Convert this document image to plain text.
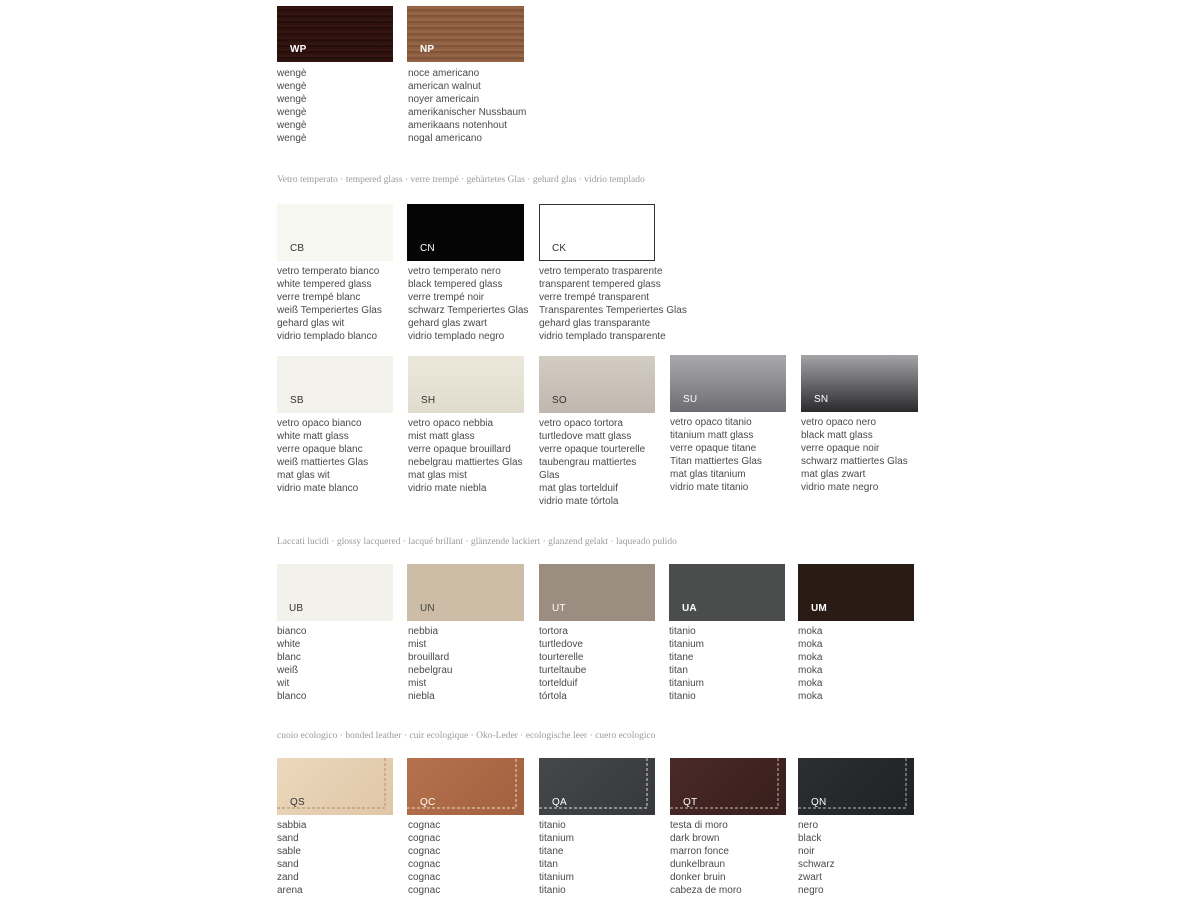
WP
wengè
wengè
wengè
wengè
wengè
wengè
NP
noce americano
american walnut
noyer americain
amerikanischer Nussbaum
amerikaans notenhout
nogal americano
Vetro temperato · tempered glass · verre trempé · gehärtetes Glas · gehard glas · vidrio templado
CB
vetro temperato bianco
white tempered glass
verre trempé blanc
weiß Temperiertes Glas
gehard glas wit
vidrio templado blanco
CN
vetro temperato nero
black tempered glass
verre trempé noir
schwarz Temperiertes Glas
gehard glas zwart
vidrio templado negro
CK
vetro temperato trasparente
transparent tempered glass
verre trempé transparent
Transparentes Temperiertes Glas
gehard glas transparante
vidrio templado transparente
SB
vetro opaco bianco
white matt glass
verre opaque blanc
weiß mattiertes Glas
mat glas wit
vidrio mate blanco
SH
vetro opaco nebbia
mist matt glass
verre opaque brouillard
nebelgrau mattiertes Glas
mat glas mist
vidrio mate niebla
SO
vetro opaco tortora
turtledove matt glass
verre opaque tourterelle
taubengrau mattiertes Glas
mat glas tortelduif
vidrio mate tórtola
SU
vetro opaco titanio
titanium matt glass
verre opaque titane
Titan mattiertes Glas
mat glas titanium
vidrio mate titanio
SN
vetro opaco nero
black matt glass
verre opaque noir
schwarz mattiertes Glas
mat glas zwart
vidrio mate negro
Laccati lucidi · glossy lacquered · lacqué brillant · glänzende lackiert · glanzend gelakt · laqueado pulido
UB
bianco
white
blanc
weiß
wit
blanco
UN
nebbia
mist
brouillard
nebelgrau
mist
niebla
UT
tortora
turtledove
tourterelle
turteltaube
tortelduif
tórtola
UA
titanio
titanium
titane
titan
titanium
titanio
UM
moka
moka
moka
moka
moka
moka
cuoio ecologico · bonded leather · cuir ecologique · Oko-Leder · ecologische leer · cuero ecologico
QS
sabbia
sand
sable
sand
zand
arena
QC
cognac
cognac
cognac
cognac
cognac
cognac
QA
titanio
titanium
titane
titan
titanium
titanio
QT
testa di moro
dark brown
marron fonce
dunkelbraun
donker bruin
cabeza de moro
QN
nero
black
noir
schwarz
zwart
negro
